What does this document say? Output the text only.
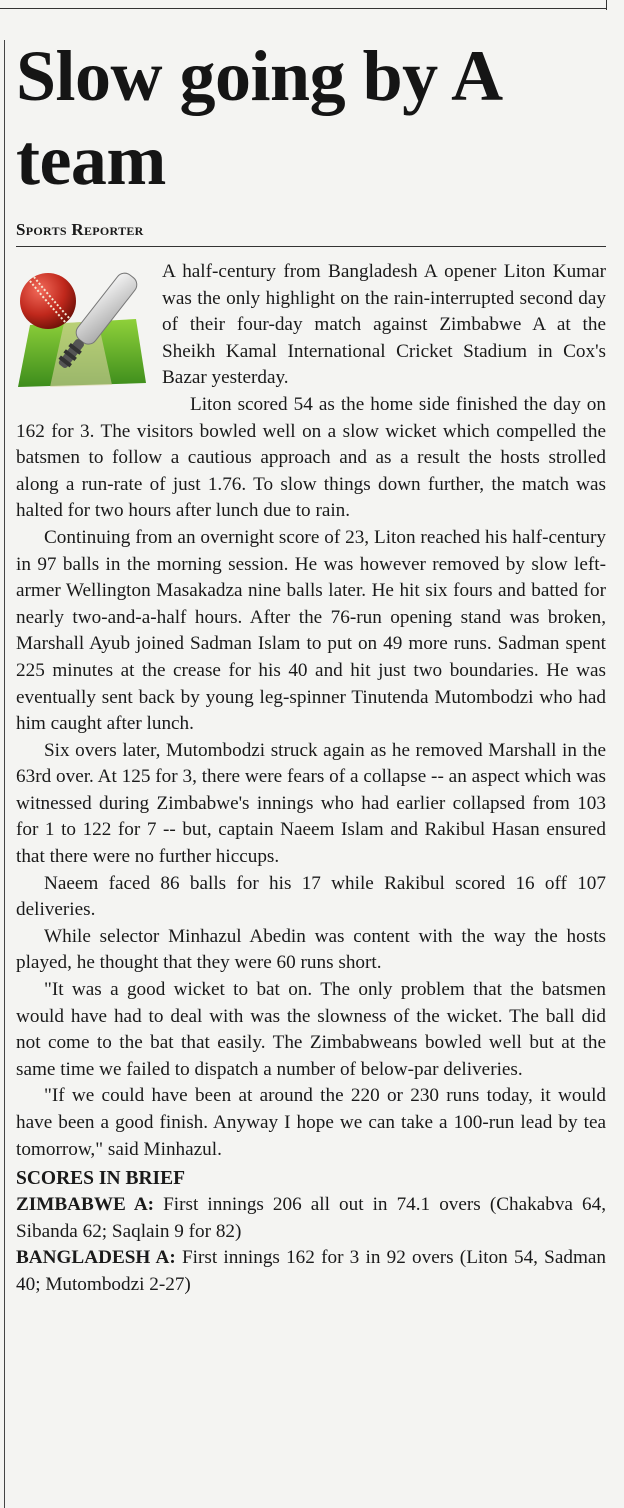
Slow going by A team
Sports Reporter

A half-century from Bangladesh A opener Liton Kumar was the only highlight on the rain-interrupted second day of their four-day match against Zimbabwe A at the Sheikh Kamal International Cricket Stadium in Cox's Bazar yesterday.

Liton scored 54 as the home side finished the day on 162 for 3. The visitors bowled well on a slow wicket which compelled the batsmen to follow a cautious approach and as a result the hosts strolled along a run-rate of just 1.76. To slow things down further, the match was halted for two hours after lunch due to rain.

Continuing from an overnight score of 23, Liton reached his half-century in 97 balls in the morning session. He was however removed by slow left-armer Wellington Masakadza nine balls later. He hit six fours and batted for nearly two-and-a-half hours. After the 76-run opening stand was broken, Marshall Ayub joined Sadman Islam to put on 49 more runs. Sadman spent 225 minutes at the crease for his 40 and hit just two boundaries. He was eventually sent back by young leg-spinner Tinutenda Mutombodzi who had him caught after lunch.

Six overs later, Mutombodzi struck again as he removed Marshall in the 63rd over. At 125 for 3, there were fears of a collapse -- an aspect which was witnessed during Zimbabwe's innings who had earlier collapsed from 103 for 1 to 122 for 7 -- but, captain Naeem Islam and Rakibul Hasan ensured that there were no further hiccups.

Naeem faced 86 balls for his 17 while Rakibul scored 16 off 107 deliveries.

While selector Minhazul Abedin was content with the way the hosts played, he thought that they were 60 runs short.

"It was a good wicket to bat on. The only problem that the batsmen would have had to deal with was the slowness of the wicket. The ball did not come to the bat that easily. The Zimbabweans bowled well but at the same time we failed to dispatch a number of below-par deliveries.

"If we could have been at around the 220 or 230 runs today, it would have been a good finish. Anyway I hope we can take a 100-run lead by tea tomorrow," said Minhazul.

SCORES IN BRIEF

ZIMBABWE A: First innings 206 all out in 74.1 overs (Chakabva 64, Sibanda 62; Saqlain 9 for 82)

BANGLADESH A: First innings 162 for 3 in 92 overs (Liton 54, Sadman 40; Mutombodzi 2-27)
